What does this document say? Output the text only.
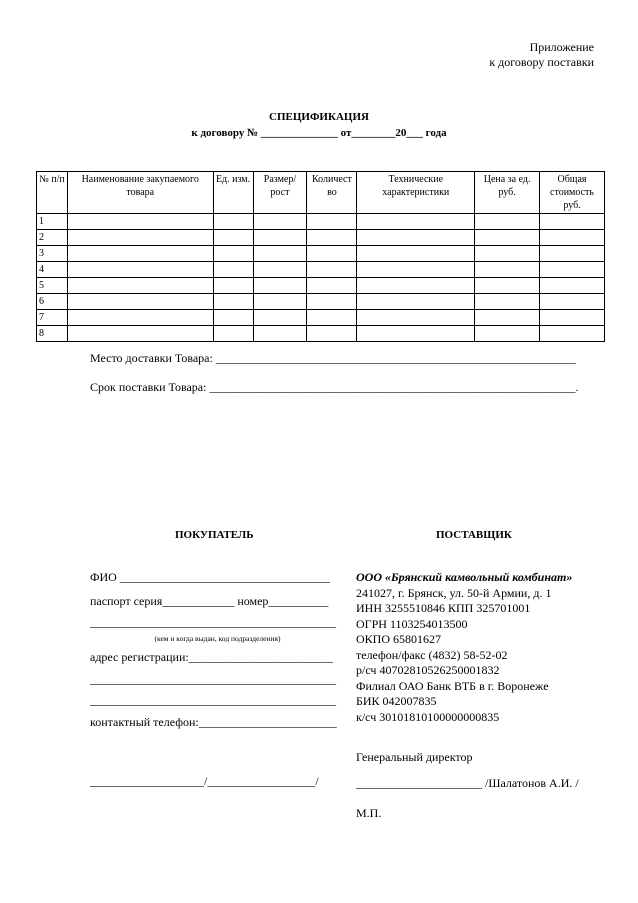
Приложение
к договору поставки
СПЕЦИФИКАЦИЯ
к договору № ______________ от________20___ года
№ п/п	Наименование закупаемого товара	Ед. изм.	Размер/ рост	Количест во	Технические характеристики	Цена за ед. руб.	Общая стоимость руб.
1							
2							
3							
4							
5							
6							
7							
8							
Место доставки Товара: ____________________________________________________________
Срок поставки Товара: _____________________________________________________________.
ПОКУПАТЕЛЬ	ПОСТАВЩИК
ФИО ___________________________________
паспорт серия____________ номер__________
_________________________________________
(кем и когда выдан, код подразделения)
адрес регистрации:________________________
_________________________________________
_________________________________________
контактный телефон:_______________________
___________________/__________________/
ООО «Брянский камвольный комбинат»
241027, г. Брянск, ул. 50-й Армии, д. 1
ИНН 3255510846 КПП 325701001
ОГРН 1103254013500
ОКПО 65801627
телефон/факс (4832) 58-52-02
р/сч 40702810526250001832
Филиал ОАО Банк ВТБ в г. Воронеже
БИК 042007835
к/сч 30101810100000000835
Генеральный директор
_____________________ /Шалатонов А.И. /
М.П.
